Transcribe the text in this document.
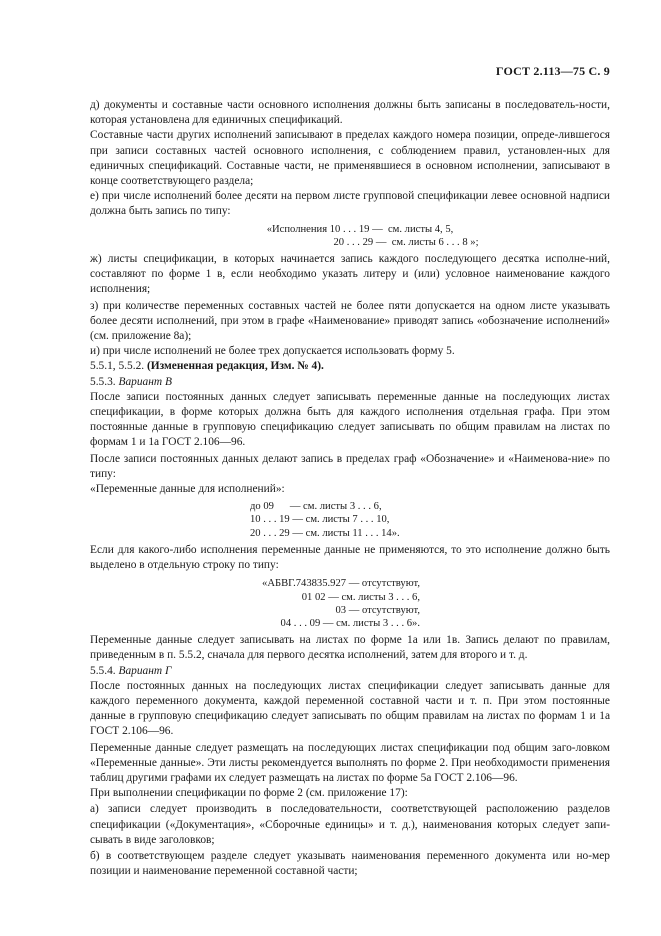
ГОСТ 2.113—75 С. 9

д) документы и составные части основного исполнения должны быть записаны в последователь-ности, которая установлена для единичных спецификаций.

Составные части других исполнений записывают в пределах каждого номера позиции, опреде-лившегося при записи составных частей основного исполнения, с соблюдением правил, установлен-ных для единичных спецификаций. Составные части, не применявшиеся в основном исполнении, записывают в конце соответствующего раздела;

е) при числе исполнений более десяти на первом листе групповой спецификации левее основной надписи должна быть запись по типу:

«Исполнения 10 . . . 19 —  см. листы 4, 5,
20 . . . 29 —  см. листы 6 . . . 8 »;

ж) листы спецификации, в которых начинается запись каждого последующего десятка исполне-ний, составляют по форме 1 в, если необходимо указать литеру и (или) условное наименование каждого исполнения;

з) при количестве переменных составных частей не более пяти допускается на одном листе указывать более десяти исполнений, при этом в графе «Наименование» приводят запись «обозначение исполнений» (см. приложение 8а);

и) при числе исполнений не более трех допускается использовать форму 5.

5.5.1, 5.5.2. (Измененная редакция, Изм. № 4).

5.5.3. Вариант В

После записи постоянных данных следует записывать переменные данные на последующих листах спецификации, в форме которых должна быть для каждого исполнения отдельная графа. При этом постоянные данные в групповую спецификацию следует записывать по общим правилам на листах по формам 1 и 1а ГОСТ 2.106—96.

После записи постоянных данных делают запись в пределах граф «Обозначение» и «Наименова-ние» по типу:

«Переменные данные для исполнений»:

до 09      — см. листы 3 . . . 6,
10 . . . 19 — см. листы 7 . . . 10,
20 . . . 29 — см. листы 11 . . . 14».

Если для какого-либо исполнения переменные данные не применяются, то это исполнение должно быть выделено в отдельную строку по типу:

«АБВГ.743835.927 — отсутствуют,
01 02 — см. листы 3 . . . 6,
03 — отсутствуют,
04 . . . 09 — см. листы 3 . . . 6».

Переменные данные следует записывать на листах по форме 1а или 1в. Запись делают по правилам, приведенным в п. 5.5.2, сначала для первого десятка исполнений, затем для второго и т. д.

5.5.4. Вариант Г

После постоянных данных на последующих листах спецификации следует записывать данные для каждого переменного документа, каждой переменной составной части и т. п. При этом постоянные данные в групповую спецификацию следует записывать по общим правилам на листах по формам 1 и 1а ГОСТ 2.106—96.

Переменные данные следует размещать на последующих листах спецификации под общим заго-ловком «Переменные данные». Эти листы рекомендуется выполнять по форме 2. При необходимости применения таблиц другими графами их следует размещать на листах по форме 5а ГОСТ 2.106—96.

При выполнении спецификации по форме 2 (см. приложение 17):

а) записи следует производить в последовательности, соответствующей расположению разделов спецификации («Документация», «Сборочные единицы» и т. д.), наименования которых следует запи-сывать в виде заголовков;

б) в соответствующем разделе следует указывать наименования переменного документа или но-мер позиции и наименование переменной составной части;
